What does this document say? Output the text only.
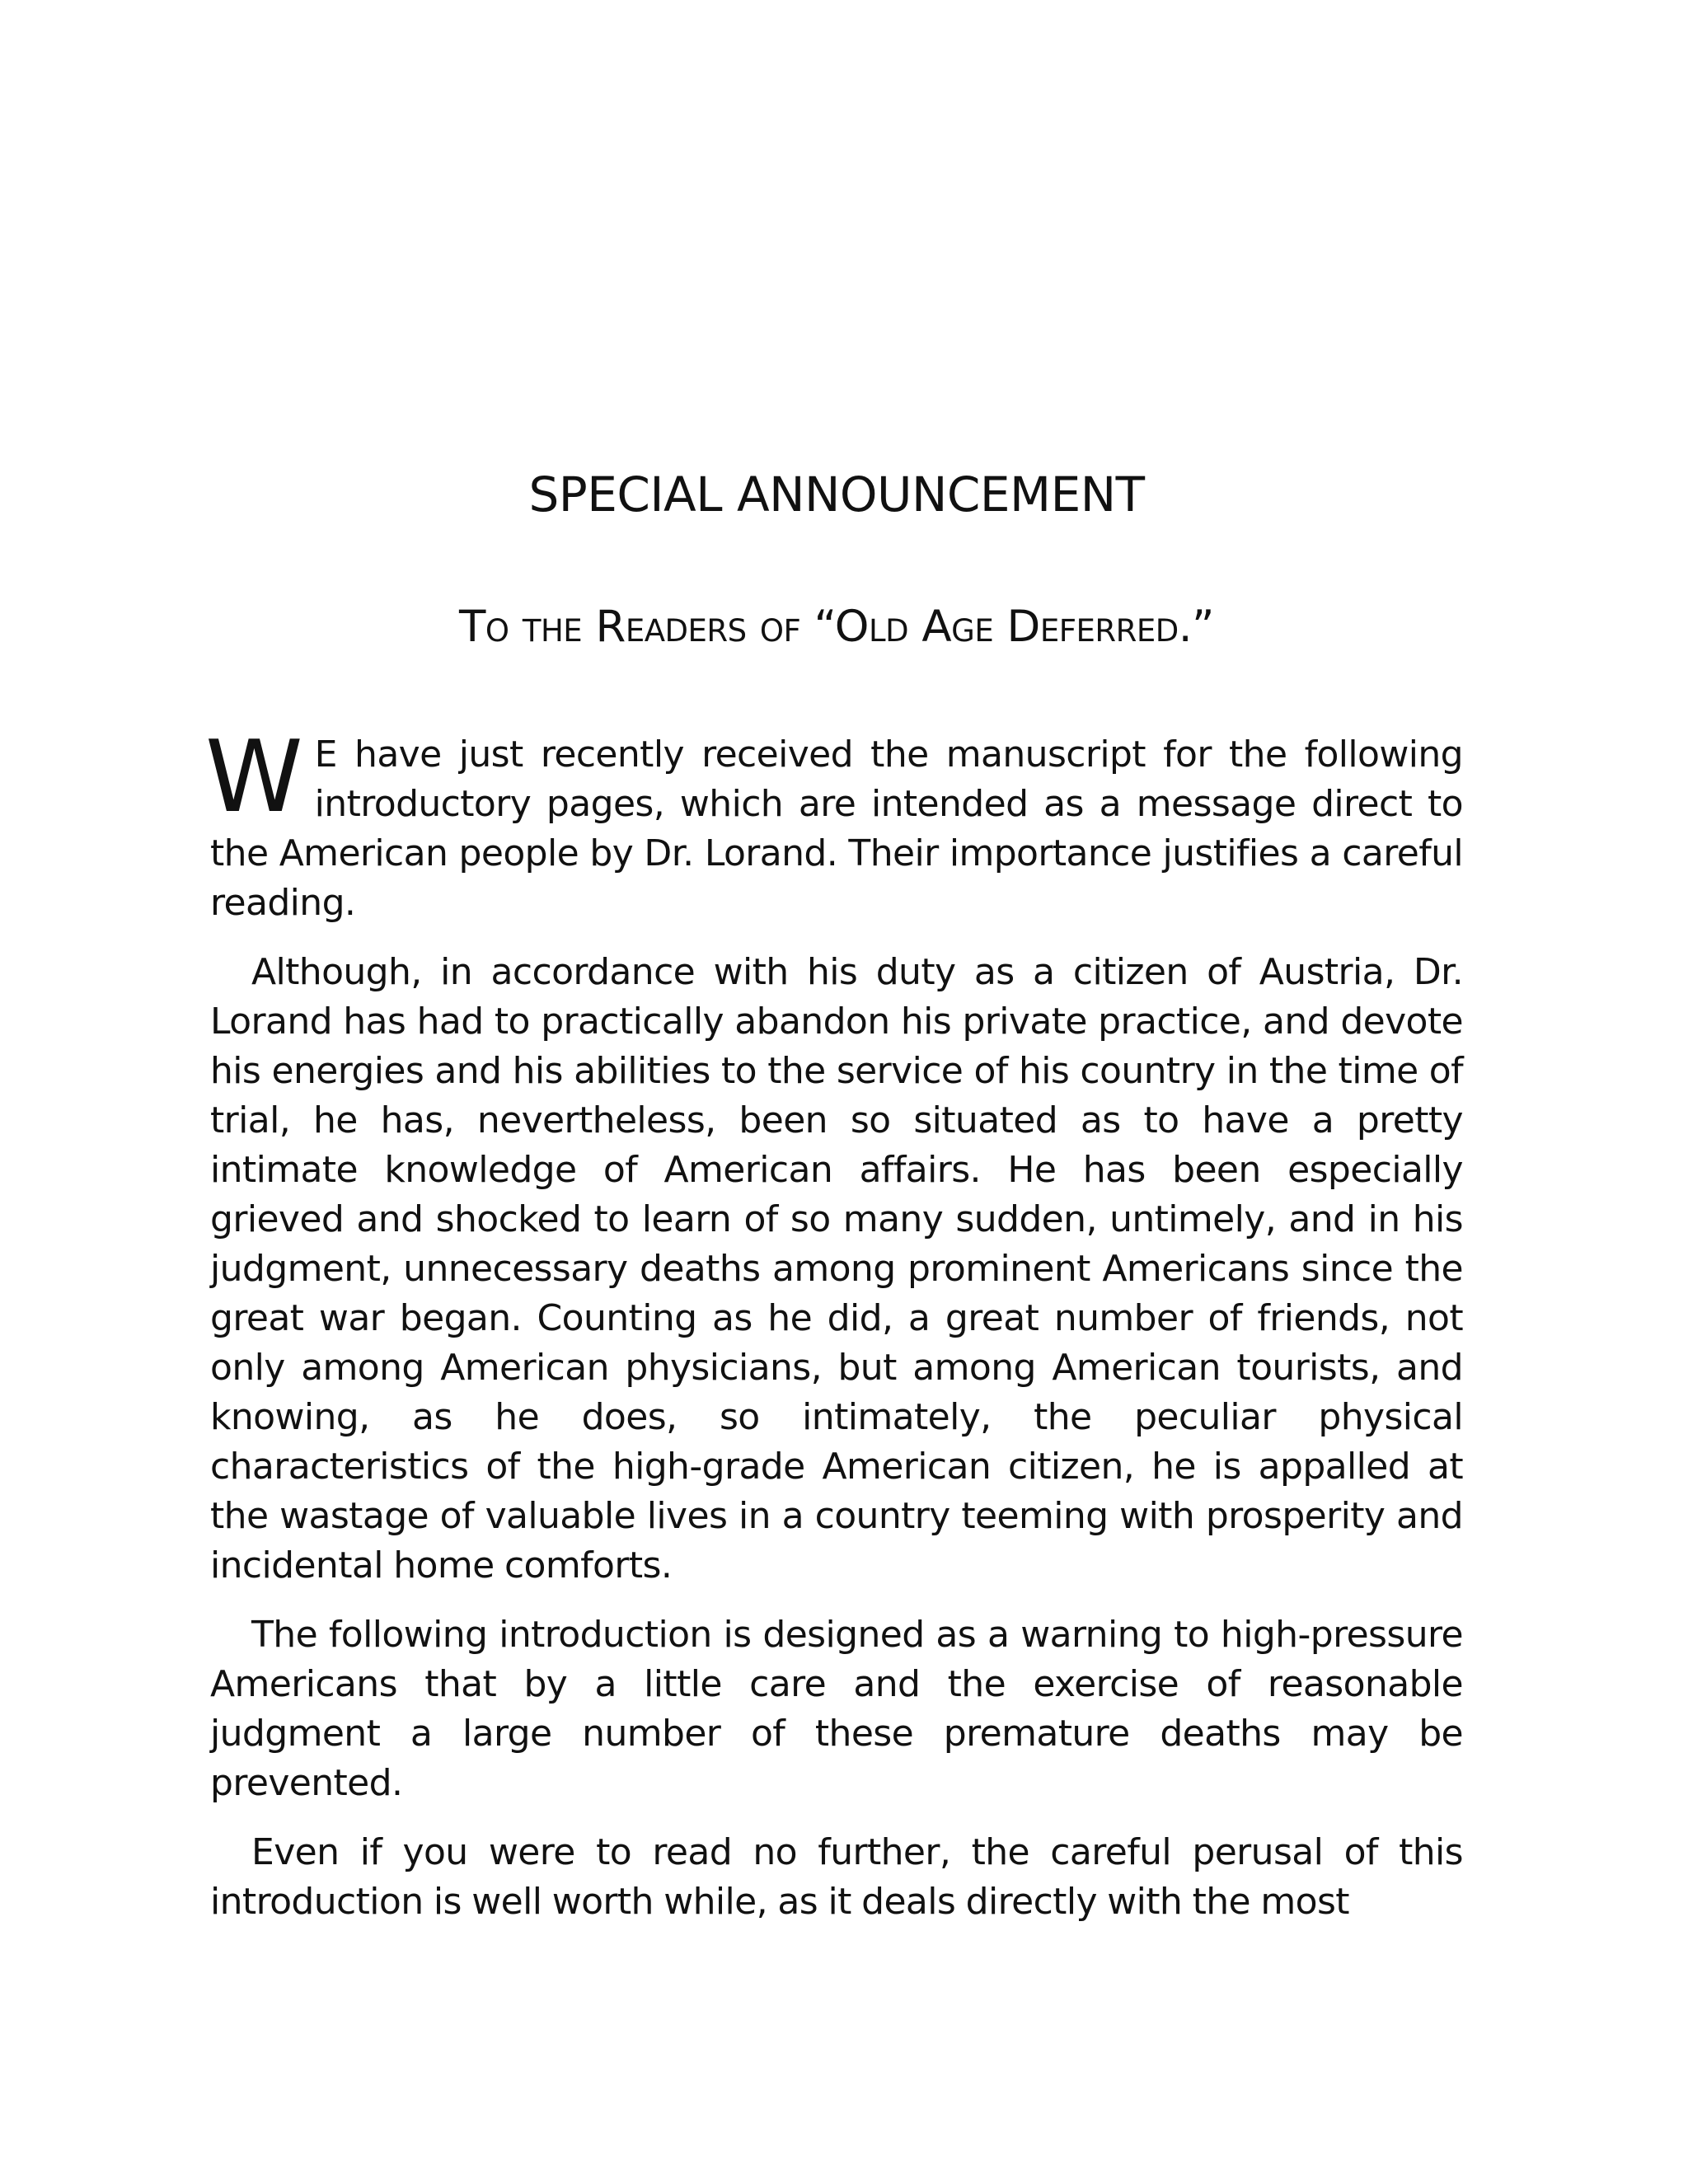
SPECIAL ANNOUNCEMENT
To the Readers of “Old Age Deferred.”

W E have just recently received the manuscript for the following introductory pages, which are intended as a message direct to the American people by Dr. Lorand. Their importance justifies a careful reading.

Although, in accordance with his duty as a citizen of Austria, Dr. Lorand has had to practically abandon his private practice, and devote his energies and his abilities to the service of his country in the time of trial, he has, nevertheless, been so situated as to have a pretty intimate knowledge of American affairs. He has been especially grieved and shocked to learn of so many sudden, untimely, and in his judgment, unnecessary deaths among prominent Americans since the great war began. Counting as he did, a great number of friends, not only among American physicians, but among American tourists, and knowing, as he does, so intimately, the peculiar physical characteristics of the high-grade American citizen, he is appalled at the wastage of valuable lives in a country teeming with prosperity and incidental home comforts.

The following introduction is designed as a warning to high-pressure Americans that by a little care and the exercise of reasonable judgment a large number of these premature deaths may be prevented.

Even if you were to read no further, the careful perusal of this introduction is well worth while, as it deals directly with the most
